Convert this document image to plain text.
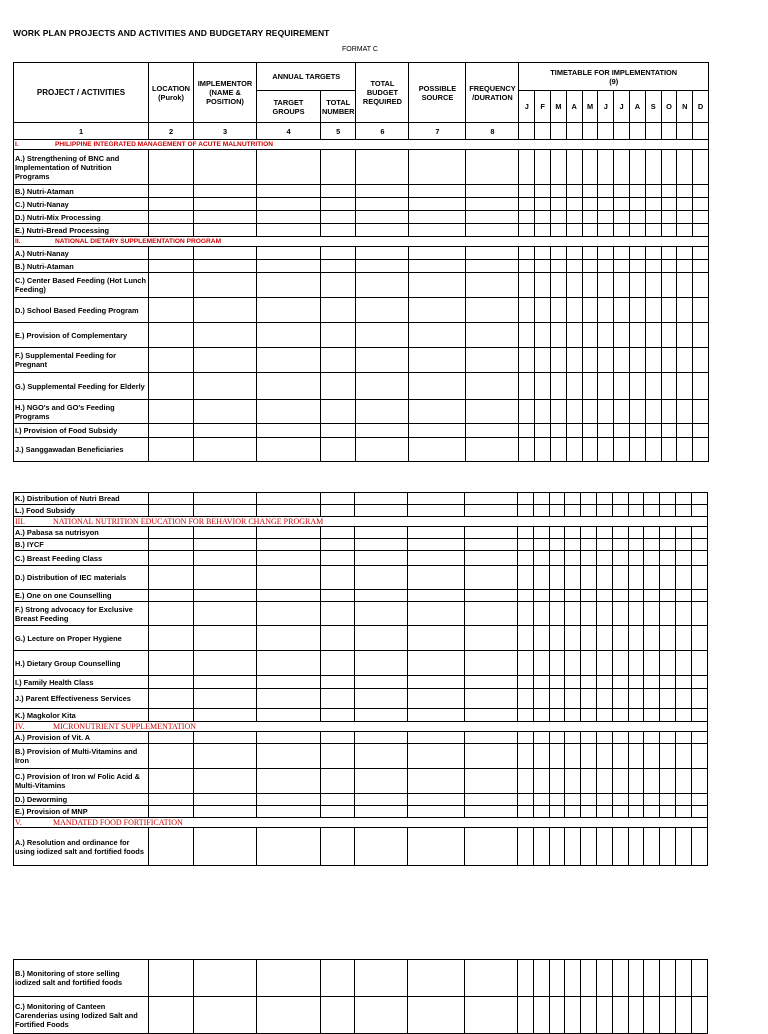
WORK PLAN PROJECTS AND ACTIVITIES AND BUDGETARY REQUIREMENT
FORMAT C
PROJECT / ACTIVITIES	LOCATION (Purok)	IMPLEMENTOR (NAME & POSITION)	ANNUAL TARGETS		TOTAL BUDGET REQUIRED	POSSIBLE SOURCE	FREQUENCY /DURATION	TIMETABLE FOR IMPLEMENTATION
(9)											

			TARGET GROUPS	TOTAL NUMBER				J	F	M	A	M	J	J	A	S	O	N	D
1	2	3	4	5	6	7	8												
I. PHILIPPINE INTEGRATED MANAGEMENT OF ACUTE MALNUTRITION																			
A.) Strengthening of BNC and Implementation of Nutrition Programs																			
B.) Nutri-Ataman																			
C.) Nutri-Nanay																			
D.) Nutri-Mix Processing																			
E.) Nutri-Bread Processing																			
II. NATIONAL DIETARY SUPPLEMENTATION PROGRAM																			
A.) Nutri-Nanay																			
B.) Nutri-Ataman																			
C.) Center Based Feeding (Hot Lunch Feeding)																			
D.) School Based Feeding Program																			
E.) Provision of Complementary																			
F.) Supplemental Feeding for Pregnant																			
G.) Supplemental Feeding for Elderly																			
H.) NGO's and GO's Feeding Programs																			
I.) Provision of Food Subsidy																			
J.) Sanggawadan Beneficiaries																			
K.) Distribution of Nutri Bread																			
L.) Food Subsidy																			
III. NATIONAL NUTRITION EDUCATION FOR BEHAVIOR CHANGE PROGRAM																			
A.) Pabasa sa nutrisyon																			
B.) IYCF																			
C.) Breast Feeding Class																			
D.) Distribution of IEC materials																			
E.) One on one Counselling																			
F.) Strong advocacy for Exclusive Breast Feeding																			
G.) Lecture on Proper Hygiene																			
H.) Dietary Group Counselling																			
I.) Family Health Class																			
J.) Parent Effectiveness Services																			
K.) Magkolor Kita																			
IV. MICRONUTRIENT SUPPLEMENTATION																			
A.) Provision of Vit. A																			
B.) Provision of Multi-Vitamins and Iron																			
C.) Provision of Iron w/ Folic Acid & Multi-Vitamins																			
D.) Deworming																			
E.) Provision of MNP																			
V. MANDATED FOOD FORTIFICATION																			
A.) Resolution and ordinance for using iodized salt and fortified foods																			
B.) Monitoring of store selling iodized salt and fortified foods																			
C.) Monitoring of Canteen Carenderias using Iodized Salt and Fortified Foods																			
